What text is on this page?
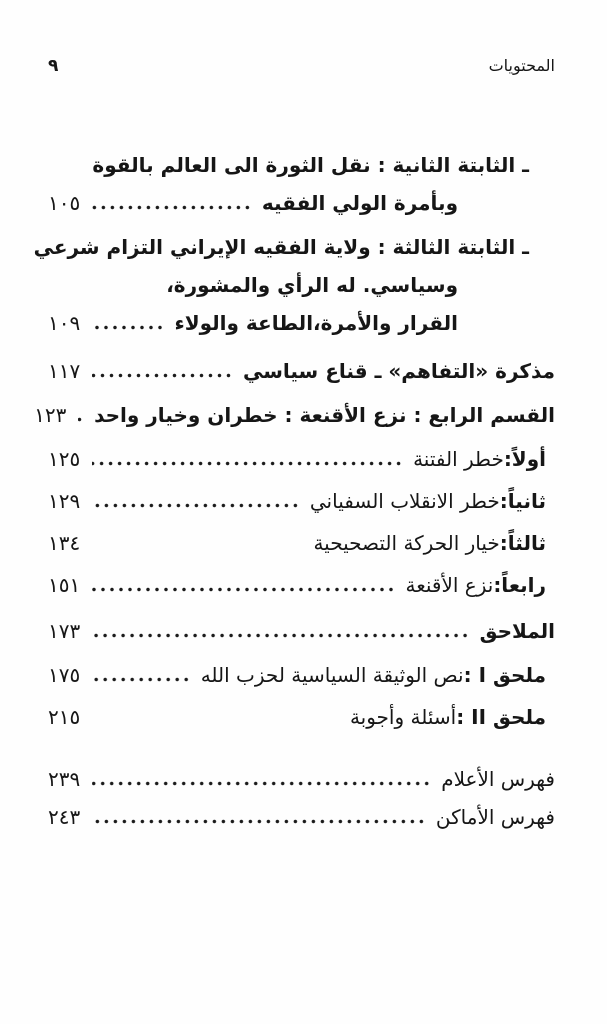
المحتويات
٩
ـ الثابتة الثانية : نقل الثورة الى العالم بالقوة
وبأمرة الولي الفقيه
١٠٥
ـ الثابتة الثالثة : ولاية الفقيه الإيراني التزام شرعي
وسياسي. له الرأي والمشورة،
القرار والأمرة،الطاعة والولاء
١٠٩
مذكرة «التفاهم» ـ قناع سياسي
١١٧
القسم الرابع : نزع الأقنعة : خطران وخيار واحد
١٢٣
أولاً:
خطر الفتنة
١٢٥
ثانياً:
خطر الانقلاب السفياني
١٢٩
ثالثاً:
خيار الحركة التصحيحية
١٣٤
رابعاً:
نزع الأقنعة
١٥١
الملاحق
١٧٣
ملحق I :
نص الوثيقة السياسية لحزب الله
١٧٥
ملحق II :
أسئلة وأجوبة
٢١٥
فهرس الأعلام
٢٣٩
فهرس الأماكن
٢٤٣
